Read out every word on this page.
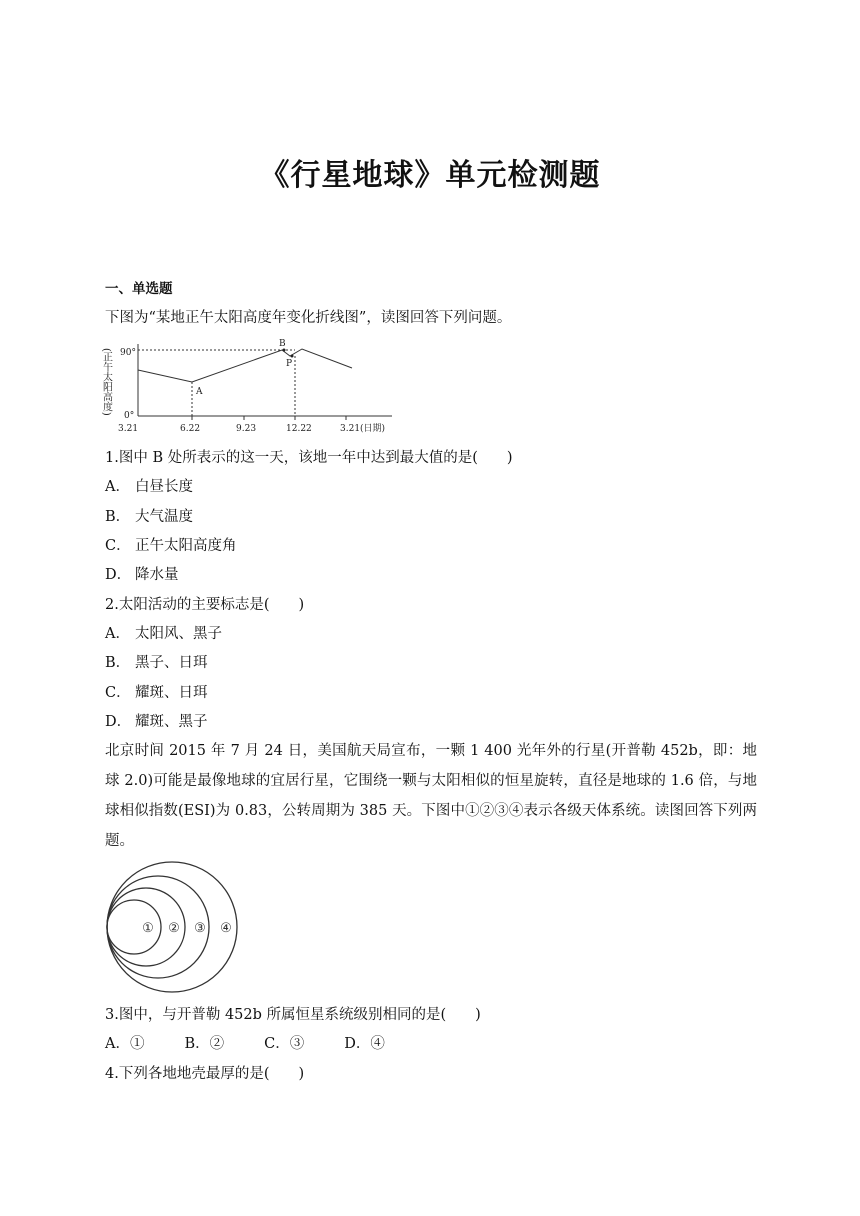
《行星地球》单元检测题
一、单选题
下图为“某地正午太阳高度年变化折线图”，读图回答下列问题。
(正午太阳高度) 90°
0°
3.21	6.22	9.23	12.22	3.21(日期)
A
B
P
1.图中 B 处所表示的这一天，该地一年中达到最大值的是(　　)
A． 白昼长度
B． 大气温度
C． 正午太阳高度角
D． 降水量
2.太阳活动的主要标志是(　　)
A． 太阳风、黑子
B． 黑子、日珥
C． 耀斑、日珥
D． 耀斑、黑子
北京时间 2015 年 7 月 24 日，美国航天局宣布，一颗 1 400 光年外的行星(开普勒 452b，即：地球 2.0)可能是最像地球的宜居行星，它围绕一颗与太阳相似的恒星旋转，直径是地球的 1.6 倍，与地球相似指数(ESI)为 0.83，公转周期为 385 天。下图中①②③④表示各级天体系统。读图回答下列两题。
① ② ③ ④
3.图中，与开普勒 452b 所属恒星系统级别相同的是(　　)
A．①	B．②	C．③	D．④
4.下列各地地壳最厚的是(　　)
